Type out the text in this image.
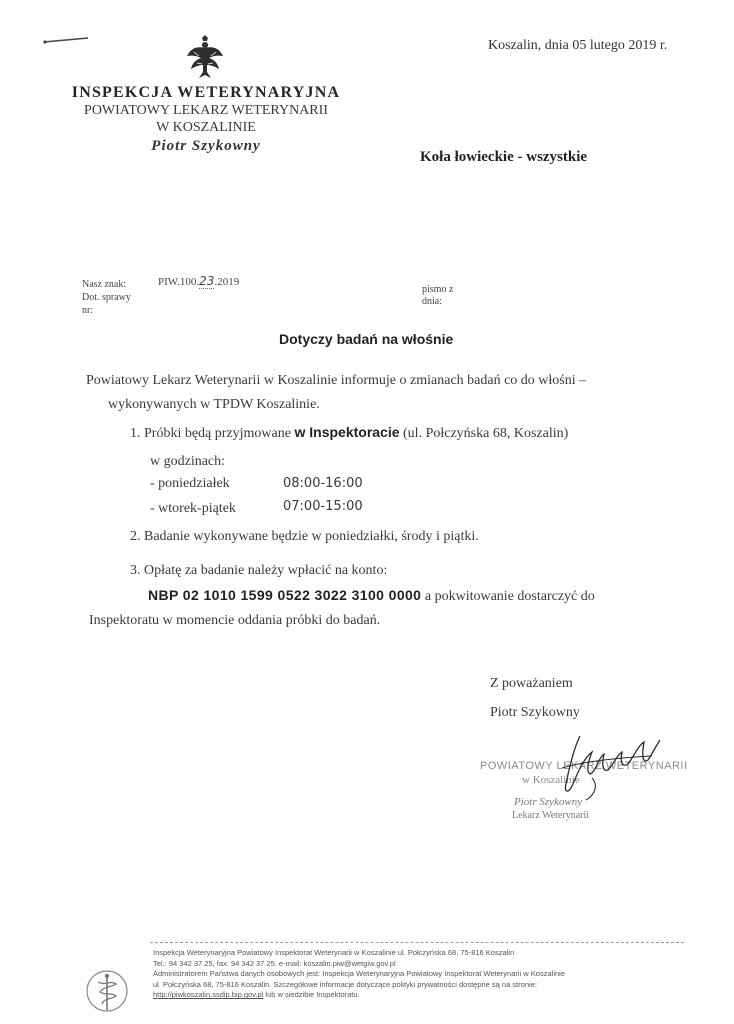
INSPEKCJA WETERYNARYJNA
POWIATOWY LEKARZ WETERYNARII
W KOSZALINIE
Piotr Szykowny
Koszalin, dnia 05 lutego 2019 r.
Koła łowieckie - wszystkie
Nasz znak:
Dot. sprawy
nr:
PIW.100.23.2019
pismo z
dnia:
Dotyczy badań na włośnie
Powiatowy Lekarz Weterynarii w Koszalinie informuje o zmianach badań co do włośni –
wykonywanych w TPDW Koszalinie.
1. Próbki będą przyjmowane w Inspektoracie (ul. Połczyńska 68, Koszalin)
w godzinach:
- poniedziałek	08:00-16:00
- wtorek-piątek	07:00-15:00
2. Badanie wykonywane będzie w poniedziałki, środy i piątki.
3. Opłatę za badanie należy wpłacić na konto:
NBP 02 1010 1599 0522 3022 3100 0000 a pokwitowanie dostarczyć do
Inspektoratu w momencie oddania próbki do badań.
Z poważaniem
Piotr Szykowny
POWIATOWY LEKARZ WETERYNARII
w Koszalinie
Piotr Szykowny
Lekarz Weterynarii
Inspekcja Weterynaryjna Powiatowy Inspektorat Weterynarii w Koszalinie ul. Połczyńska 68, 75-816 Koszalin
Tel.: 94 342 37 25, fax: 94 342 37 25, e-mail: koszalin.piw@wetgiw.gov.pl
Administratorem Państwa danych osobowych jest: Inspekcja Weterynaryjna Powiatowy Inspektorat Weterynarii w Koszalinie
ul. Połczyńska 68, 75-816 Koszalin. Szczegółowe informacje dotyczące polityki prywatności dostępne są na stronie:
http://piwkoszalin.ssdip.bip.gov.pl lub w siedzibie Inspektoratu.
